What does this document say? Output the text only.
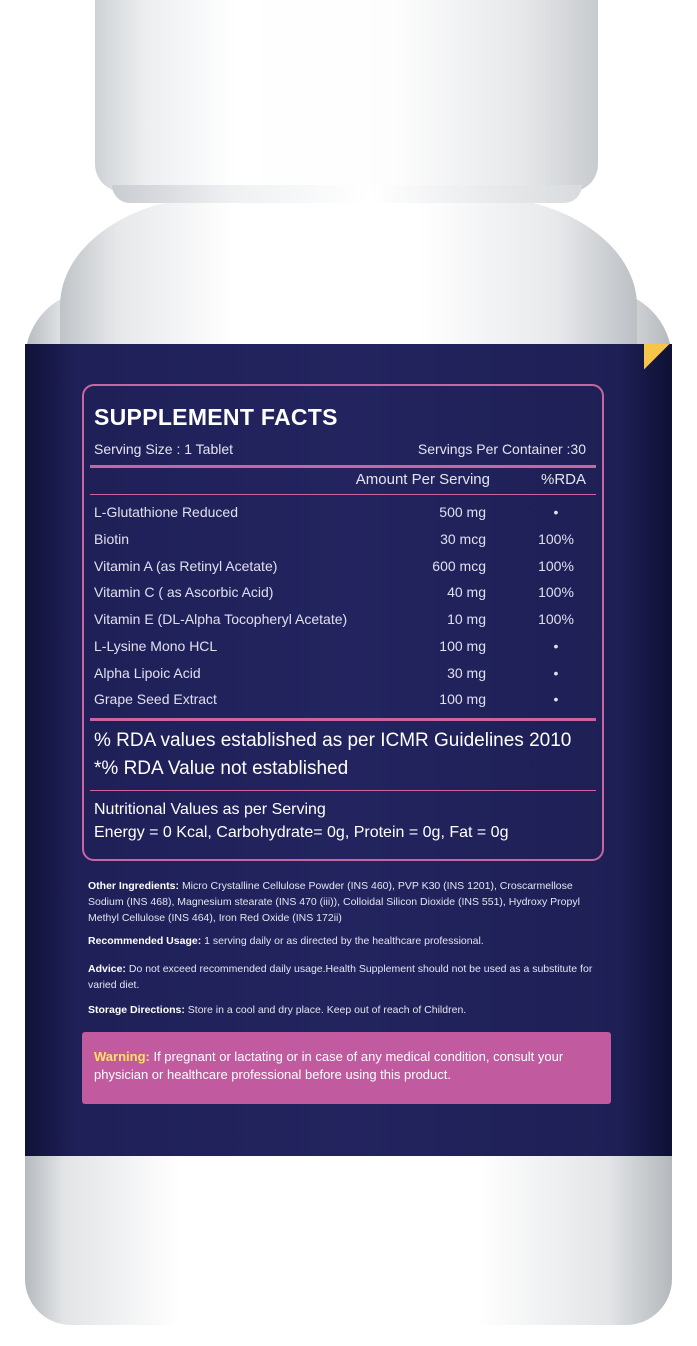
SUPPLEMENT FACTS
Serving Size : 1 Tablet	Servings Per Container :30
Amount Per Serving	%RDA
L-Glutathione Reduced	500 mg	•
Biotin	30 mcg	100%
Vitamin A (as Retinyl Acetate)	600 mcg	100%
Vitamin C ( as Ascorbic Acid)	40 mg	100%
Vitamin E (DL-Alpha Tocopheryl Acetate)	10 mg	100%
L-Lysine Mono HCL	100 mg	•
Alpha Lipoic Acid	30 mg	•
Grape Seed Extract	100 mg	•
% RDA values established as per ICMR Guidelines 2010
*% RDA Value not established
Nutritional Values as per Serving
Energy = 0 Kcal, Carbohydrate= 0g, Protein = 0g, Fat = 0g
Other Ingredients: Micro Crystalline Cellulose Powder (INS 460), PVP K30 (INS 1201), Croscarmellose Sodium (INS 468), Magnesium stearate (INS 470 (iii)), Colloidal Silicon Dioxide (INS 551), Hydroxy Propyl Methyl Cellulose (INS 464), Iron Red Oxide (INS 172ii)
Recommended Usage: 1 serving daily or as directed by the healthcare professional.
Advice: Do not exceed recommended daily usage.Health Supplement should not be used as a substitute for varied diet.
Storage Directions: Store in a cool and dry place. Keep out of reach of Children.
Warning: If pregnant or lactating or in case of any medical condition, consult your physician or healthcare professional before using this product.
